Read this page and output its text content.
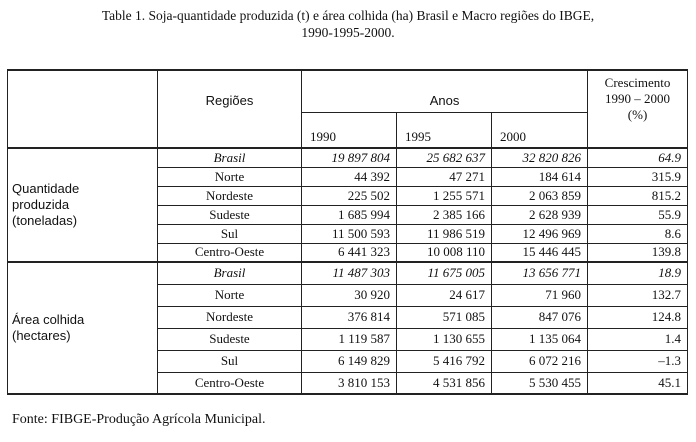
Table 1. Soja-quantidade produzida (t) e área colhida (ha) Brasil e Macro regiões do IBGE,
1990-1995-2000.
	Regiões	Anos			Crescimento
1990 – 2000
(%)

		1990	1995	2000	

Quantidade
produzida
(toneladas)	Brasil	19 897 804	25 682 637	32 820 826	64.9
	Norte	44 392	47 271	184 614	315.9
	Nordeste	225 502	1 255 571	2 063 859	815.2
	Sudeste	1 685 994	2 385 166	2 628 939	55.9
	Sul	11 500 593	11 986 519	12 496 969	8.6
	Centro-Oeste	6 441 323	10 008 110	15 446 445	139.8

Área colhida
(hectares)	Brasil	11 487 303	11 675 005	13 656 771	18.9
	Norte	30 920	24 617	71 960	132.7
	Nordeste	376 814	571 085	847 076	124.8
	Sudeste	1 119 587	1 130 655	1 135 064	1.4
	Sul	6 149 829	5 416 792	6 072 216	–1.3
	Centro-Oeste	3 810 153	4 531 856	5 530 455	45.1
Fonte: FIBGE-Produção Agrícola Municipal.
